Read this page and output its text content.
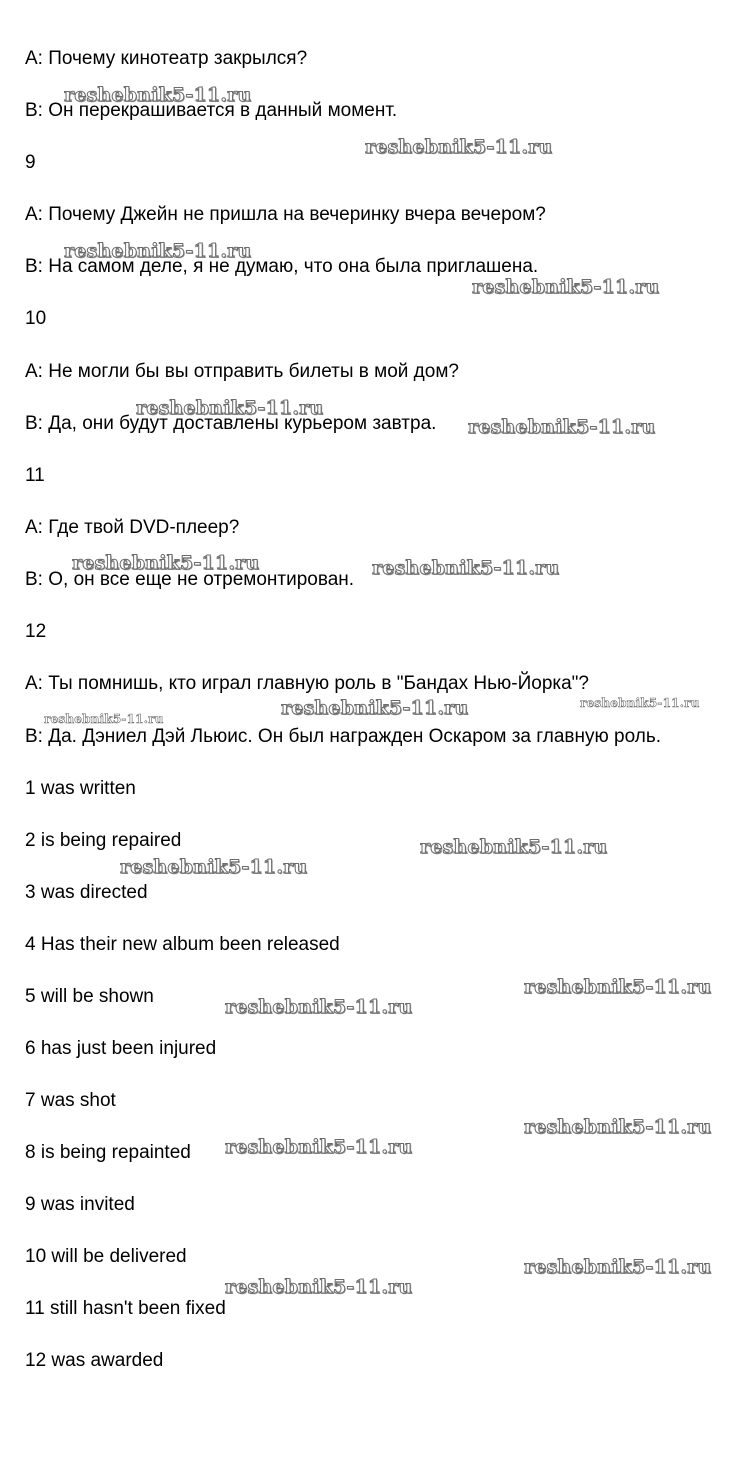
A: Почему кинотеатр закрылся?
B: Он перекрашивается в данный момент.
9
A: Почему Джейн не пришла на вечеринку вчера вечером?
B: На самом деле, я не думаю, что она была приглашена.
10
A: Не могли бы вы отправить билеты в мой дом?
B: Да, они будут доставлены курьером завтра.
11
A: Где твой DVD-плеер?
B: О, он все еще не отремонтирован.
12
A: Ты помнишь, кто играл главную роль в "Бандах Нью-Йорка"?
B: Да. Дэниел Дэй Льюис. Он был награжден Оскаром за главную роль.
1 was written
2 is being repaired
3 was directed
4 Has their new album been released
5 will be shown
6 has just been injured
7 was shot
8 is being repainted
9 was invited
10 will be delivered
11 still hasn't been fixed
12 was awarded
reshebnik5-11.ru
reshebnik5-11.ru
reshebnik5-11.ru
reshebnik5-11.ru
reshebnik5-11.ru
reshebnik5-11.ru
reshebnik5-11.ru	reshebnik5-11.ru
reshebnik5-11.ru	reshebnik5-11.ru	reshebnik5-11.ru
reshebnik5-11.ru
reshebnik5-11.ru
reshebnik5-11.ru
reshebnik5-11.ru
reshebnik5-11.ru
reshebnik5-11.ru
reshebnik5-11.ru
reshebnik5-11.ru
